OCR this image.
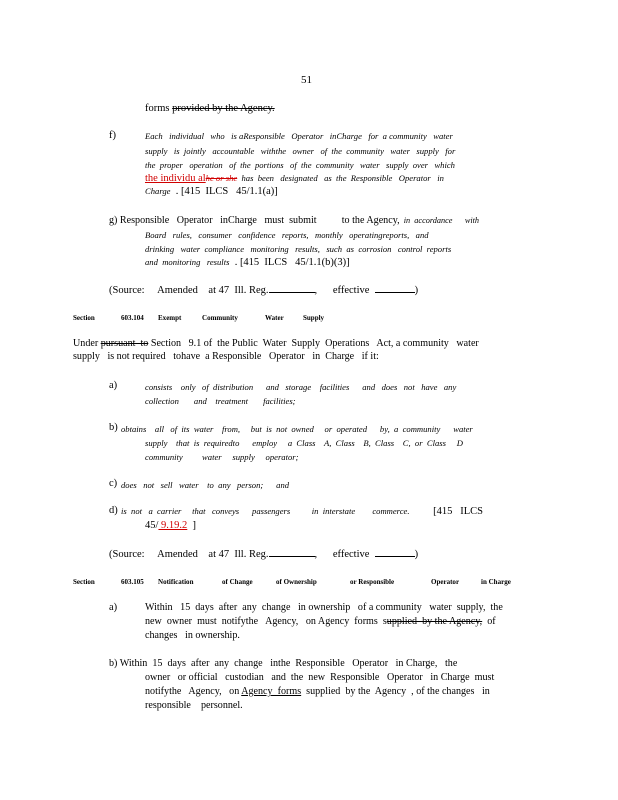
51
forms provided by the Agency.
f)	Each   individual   who   is aResponsible   Operator   inCharge   for  a community   water
supply   is  jointly   accountable   withthe   owner   of  the  community   water   supply   for
the  proper   operation   of  the  portions   of  the  community   water   supply  over   which
the individu alhe or she  has  been   designated   as  the  Responsible   Operator   in
Charge  . [415  ILCS   45/1.1(a)]
g) Responsible   Operator   inCharge   must  submit          to the Agency,  in  accordance      with
Board   rules,   consumer   confidence   reports,   monthly   operatingreports,   and
drinking   water  compliance   monitoring   results,   such  as  corrosion   control  reports
and  monitoring   results  . [415  ILCS   45/1.1(b)(3)]
(Source:     Amended    at 47  Ill. Reg.	,      effective	)
Section	603.104 Exempt	Community	Water Supply
Under pursuant  to Section   9.1 of  the Public  Water  Supply  Operations   Act, a community   water
supply   is not required   tohave  a Responsible   Operator   in  Charge   if it:
a)	consists    only   of  distribution      and   storage    facilities      and   does   not   have   any
collection       and    treatment       facilities;
b) obtains    all   of  its  water    from,     but  is  not  owned     or  operated      by,  a  community      water
supply    that  is  requiredto      employ     a  Class    A,  Class    B,  Class    C,  or  Class     D
community         water     supply     operator;
c) does   not   sell   water    to  any   person;      and
d) is  not   a  carrier     that   conveys      passengers          in  interstate        commerce.         [415   ILCS
45/ 9.19.2  ]
(Source:     Amended    at 47  Ill. Reg.	,      effective	)
Section	603.105 Notification	of Change	of Ownership	or Responsible	Operator	in Charge
a)	Within   15  days  after  any  change   in ownership   of a community   water  supply,  the
new  owner  must  notifythe   Agency,   on Agency  forms  supplied  by the Agency,  of
changes   in ownership.
b) Within  15  days  after  any  change   inthe  Responsible   Operator   in Charge,   the
owner   or official   custodian   and  the  new  Responsible   Operator   in Charge  must
notifythe   Agency,   on Agency  forms  supplied  by the  Agency  , of the changes   in
responsible    personnel.
